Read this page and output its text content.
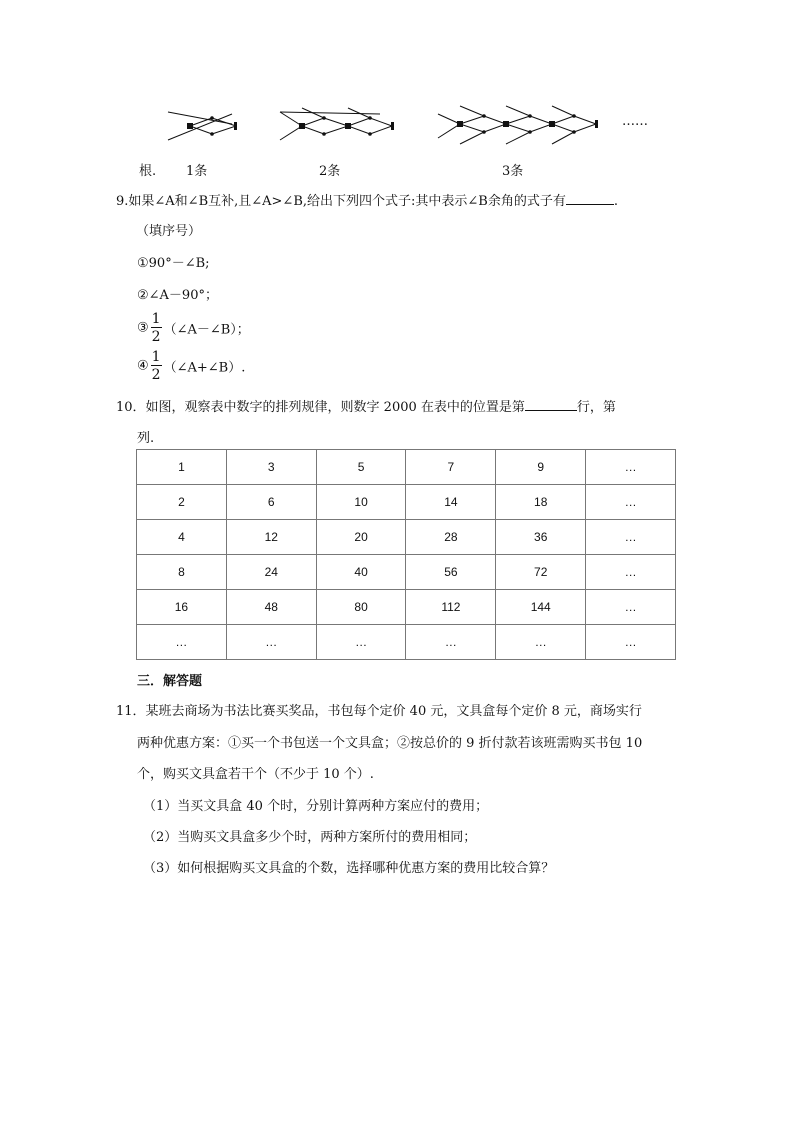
……
根. 1条	2条	3条
9.如果∠A和∠B互补,且∠A>∠B,给出下列四个式子:其中表示∠B余角的式子有	.
（填序号）
①90°－∠B;
②∠A－90°；
③ $\frac{1}{2}$ （∠A－∠B）；
④ $\frac{1}{2}$ （∠A+∠B）.
10．如图，观察表中数字的排列规律，则数字 2000 在表中的位置是第	行，第
列.
1	3	5	7	9	…
2	6	10	14	18	…
4	12	20	28	36	…
8	24	40	56	72	…
16	48	80	112	144	…
…	…	…	…	…	…
三．解答题
11．某班去商场为书法比赛买奖品，书包每个定价 40 元，文具盒每个定价 8 元，商场实行
两种优惠方案：①买一个书包送一个文具盒；②按总价的 9 折付款若该班需购买书包 10
个，购买文具盒若干个（不少于 10 个）.
（1）当买文具盒 40 个时，分别计算两种方案应付的费用；
（2）当购买文具盒多少个时，两种方案所付的费用相同；
（3）如何根据购买文具盒的个数，选择哪种优惠方案的费用比较合算？
